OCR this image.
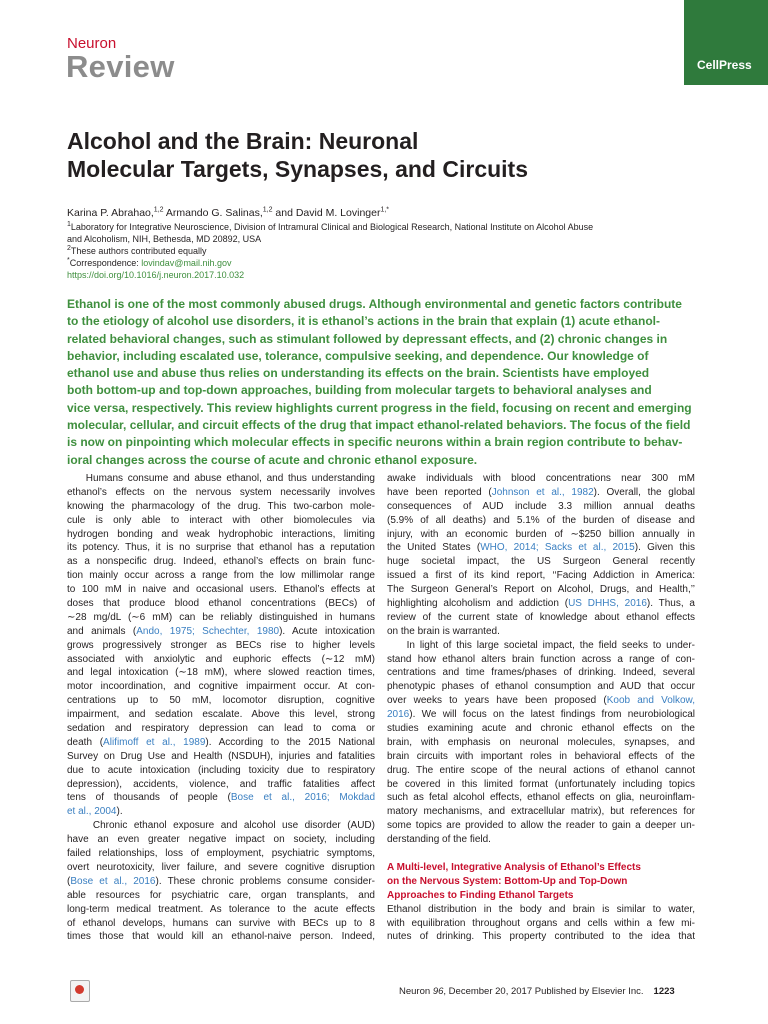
Neuron
Review	CellPress
Alcohol and the Brain: Neuronal
Molecular Targets, Synapses, and Circuits
Karina P. Abrahao,$^{1,2}$ Armando G. Salinas,$^{1,2}$ and David M. Lovinger$^{1,*}$
$^1$Laboratory for Integrative Neuroscience, Division of Intramural Clinical and Biological Research, National Institute on Alcohol Abuse
and Alcoholism, NIH, Bethesda, MD 20892, USA
$^2$These authors contributed equally
*Correspondence: lovindav@mail.nih.gov
https://doi.org/10.1016/j.neuron.2017.10.032
Ethanol is one of the most commonly abused drugs. Although environmental and genetic factors contribute
to the etiology of alcohol use disorders, it is ethanol’s actions in the brain that explain (1) acute ethanol-
related behavioral changes, such as stimulant followed by depressant effects, and (2) chronic changes in
behavior, including escalated use, tolerance, compulsive seeking, and dependence. Our knowledge of
ethanol use and abuse thus relies on understanding its effects on the brain. Scientists have employed
both bottom-up and top-down approaches, building from molecular targets to behavioral analyses and
vice versa, respectively. This review highlights current progress in the field, focusing on recent and emerging
molecular, cellular, and circuit effects of the drug that impact ethanol-related behaviors. The focus of the field
is now on pinpointing which molecular effects in specific neurons within a brain region contribute to behav-
ioral changes across the course of acute and chronic ethanol exposure.
Humans consume and abuse ethanol, and thus understanding
ethanol’s effects on the nervous system necessarily involves
knowing the pharmacology of the drug. This two-carbon mole-
cule is only able to interact with other biomolecules via
hydrogen bonding and weak hydrophobic interactions, limiting
its potency. Thus, it is no surprise that ethanol has a reputation
as a nonspecific drug. Indeed, ethanol’s effects on brain func-
tion mainly occur across a range from the low millimolar range
to 100 mM in naive and occasional users. Ethanol’s effects at
doses that produce blood ethanol concentrations (BECs) of
∼28 mg/dL (∼6 mM) can be reliably distinguished in humans
and animals (Ando, 1975; Schechter, 1980). Acute intoxication
grows progressively stronger as BECs rise to higher levels
associated with anxiolytic and euphoric effects (∼12 mM)
and legal intoxication (∼18 mM), where slowed reaction times,
motor incoordination, and cognitive impairment occur. At con-
centrations up to 50 mM, locomotor disruption, cognitive
impairment, and sedation escalate. Above this level, strong
sedation and respiratory depression can lead to coma or
death (Alifimoff et al., 1989). According to the 2015 National
Survey on Drug Use and Health (NSDUH), injuries and fatalities
due to acute intoxication (including toxicity due to respiratory
depression), accidents, violence, and traffic fatalities affect
tens of thousands of people (Bose et al., 2016; Mokdad
et al., 2004).
Chronic ethanol exposure and alcohol use disorder (AUD)
have an even greater negative impact on society, including
failed relationships, loss of employment, psychiatric symptoms,
overt neurotoxicity, liver failure, and severe cognitive disruption
(Bose et al., 2016). These chronic problems consume consider-
able resources for psychiatric care, organ transplants, and
long-term medical treatment. As tolerance to the acute effects
of ethanol develops, humans can survive with BECs up to 8
times those that would kill an ethanol-naive person. Indeed,
awake individuals with blood concentrations near 300 mM
have been reported (Johnson et al., 1982). Overall, the global
consequences of AUD include 3.3 million annual deaths
(5.9% of all deaths) and 5.1% of the burden of disease and
injury, with an economic burden of ∼$250 billion annually in
the United States (WHO, 2014; Sacks et al., 2015). Given this
huge societal impact, the US Surgeon General recently
issued a first of its kind report, ‘‘Facing Addiction in America:
The Surgeon General’s Report on Alcohol, Drugs, and Health,’’
highlighting alcoholism and addiction (US DHHS, 2016). Thus, a
review of the current state of knowledge about ethanol effects
on the brain is warranted.
In light of this large societal impact, the field seeks to under-
stand how ethanol alters brain function across a range of con-
centrations and time frames/phases of drinking. Indeed, several
phenotypic phases of ethanol consumption and AUD that occur
over weeks to years have been proposed (Koob and Volkow,
2016). We will focus on the latest findings from neurobiological
studies examining acute and chronic ethanol effects on the
brain, with emphasis on neuronal molecules, synapses, and
brain circuits with important roles in behavioral effects of the
drug. The entire scope of the neural actions of ethanol cannot
be covered in this limited format (unfortunately including topics
such as fetal alcohol effects, ethanol effects on glia, neuroinflam-
matory mechanisms, and extracellular matrix), but references for
some topics are provided to allow the reader to gain a deeper un-
derstanding of the field.
A Multi-level, Integrative Analysis of Ethanol’s Effects
on the Nervous System: Bottom-Up and Top-Down
Approaches to Finding Ethanol Targets
Ethanol distribution in the body and brain is similar to water,
with equilibration throughout organs and cells within a few mi-
nutes of drinking. This property contributed to the idea that
Neuron 96, December 20, 2017 Published by Elsevier Inc. 1223
